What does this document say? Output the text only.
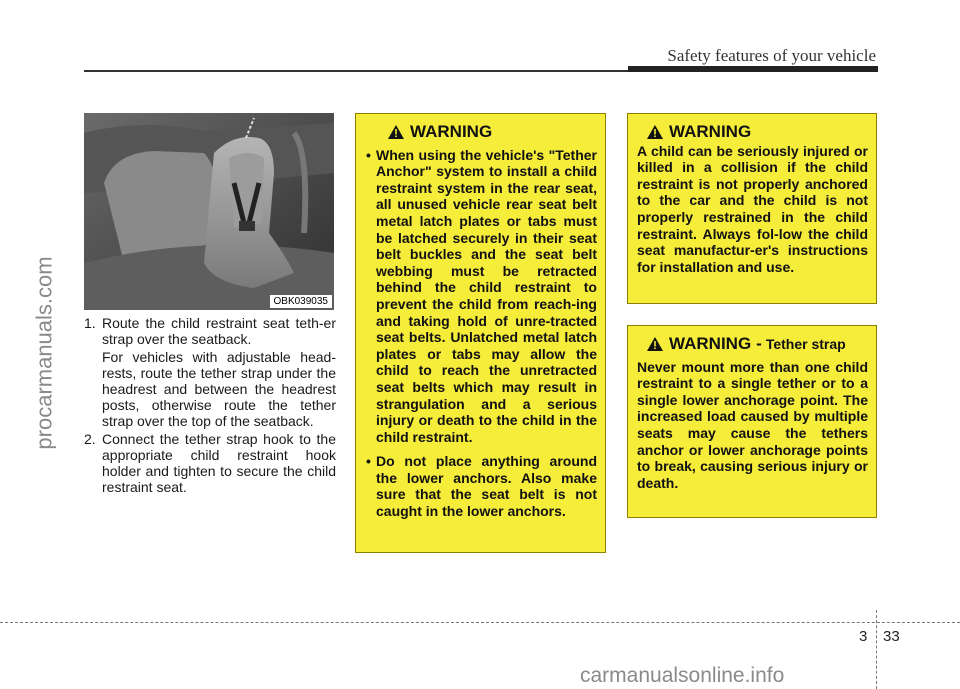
Safety features of your vehicle
procarmanuals.com	OBK039035
1. Route the child restraint seat teth-er strap over the seatback.
For vehicles with adjustable head-rests, route the tether strap under the headrest and between the headrest posts, otherwise route the tether strap over the top of the seatback.
2. Connect the tether strap hook to the appropriate child restraint hook holder and tighten to secure the child restraint seat.
WARNING
• When using the vehicle's "Tether Anchor" system to install a child restraint system in the rear seat, all unused vehicle rear seat belt metal latch plates or tabs must be latched securely in their seat belt buckles and the seat belt webbing must be retracted behind the child restraint to prevent the child from reach-ing and taking hold of unre-tracted seat belts. Unlatched metal latch plates or tabs may allow the child to reach the unretracted seat belts which may result in strangulation and a serious injury or death to the child in the child restraint.
• Do not place anything around the lower anchors. Also make sure that the seat belt is not caught in the lower anchors.
WARNING
A child can be seriously injured or killed in a collision if the child restraint is not properly anchored to the car and the child is not properly restrained in the child restraint. Always fol-low the child seat manufactur-er's instructions for installation and use.
WARNING - Tether strap
Never mount more than one child restraint to a single tether or to a single lower anchorage point. The increased load caused by multiple seats may cause the tethers anchor or lower anchorage points to break, causing serious injury or death.
3 33
carmanualsonline.info
